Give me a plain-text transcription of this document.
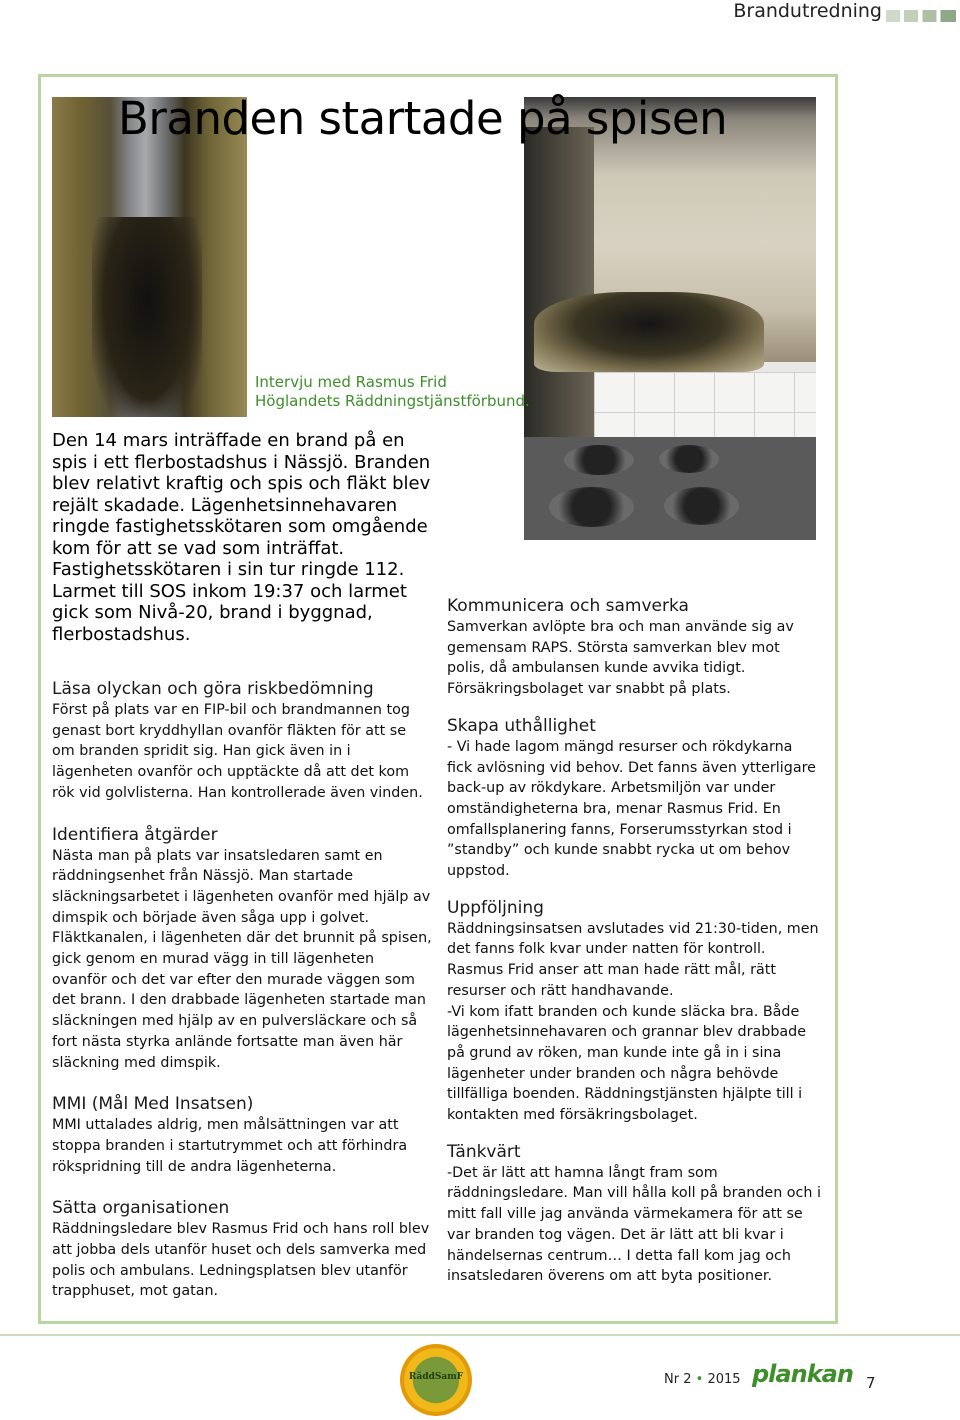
Brandutredning
Branden startade på spisen
Intervju med Rasmus Frid
Höglandets Räddningstjänstförbund.

Den 14 mars inträffade en brand på en spis i ett flerbostadshus i Nässjö. Branden blev relativt kraftig och spis och fläkt blev rejält skadade. Lägenhetsinnehavaren ringde fastighetsskötaren som omgående kom för att se vad som inträffat. Fastighetsskötaren i sin tur ringde 112. Larmet till SOS inkom 19:37 och larmet gick som Nivå-20, brand i byggnad, flerbostadshus.

Läsa olyckan och göra riskbedömning

Först på plats var en FIP-bil och brandmannen tog genast bort kryddhyllan ovanför fläkten för att se om branden spridit sig. Han gick även in i lägenheten ovanför och upptäckte då att det kom rök vid golvlisterna. Han kontrollerade även vinden.

Identifiera åtgärder

Nästa man på plats var insatsledaren samt en räddningsenhet från Nässjö. Man startade släckningsarbetet i lägenheten ovanför med hjälp av dimspik och började även såga upp i golvet. Fläktkanalen, i lägenheten där det brunnit på spisen, gick genom en murad vägg in till lägenheten ovanför och det var efter den murade väggen som det brann. I den drabbade lägenheten startade man släckningen med hjälp av en pulversläckare och så fort nästa styrka anlände fortsatte man även här släckning med dimspik.

MMI (Mål Med Insatsen)

MMI uttalades aldrig, men målsättningen var att stoppa branden i startutrymmet och att förhindra rökspridning till de andra lägenheterna.

Sätta organisationen

Räddningsledare blev Rasmus Frid och hans roll blev att jobba dels utanför huset och dels samverka med polis och ambulans. Ledningsplatsen blev utanför trapphuset, mot gatan.

Kommunicera och samverka

Samverkan avlöpte bra och man använde sig av gemensam RAPS. Största samverkan blev mot polis, då ambulansen kunde avvika tidigt. Försäkringsbolaget var snabbt på plats.

Skapa uthållighet

- Vi hade lagom mängd resurser och rökdykarna fick avlösning vid behov. Det fanns även ytterligare back-up av rökdykare. Arbetsmiljön var under omständigheterna bra, menar Rasmus Frid. En omfallsplanering fanns, Forserumsstyrkan stod i ”standby” och kunde snabbt rycka ut om behov uppstod.

Uppföljning

Räddningsinsatsen avslutades vid 21:30-tiden, men det fanns folk kvar under natten för kontroll. Rasmus Frid anser att man hade rätt mål, rätt resurser och rätt handhavande.
-Vi kom ifatt branden och kunde släcka bra. Både lägenhetsinnehavaren och grannar blev drabbade på grund av röken, man kunde inte gå in i sina lägenheter under branden och några behövde tillfälliga boenden. Räddningstjänsten hjälpte till i kontakten med försäkringsbolaget.

Tänkvärt

-Det är lätt att hamna långt fram som räddningsledare. Man vill hålla koll på branden och i mitt fall ville jag använda värmekamera för att se var branden tog vägen. Det är lätt att bli kvar i händelsernas centrum… I detta fall kom jag och insatsledaren överens om att byta positioner.

RäddSamF	Nr 2 • 2015 plankan 7
